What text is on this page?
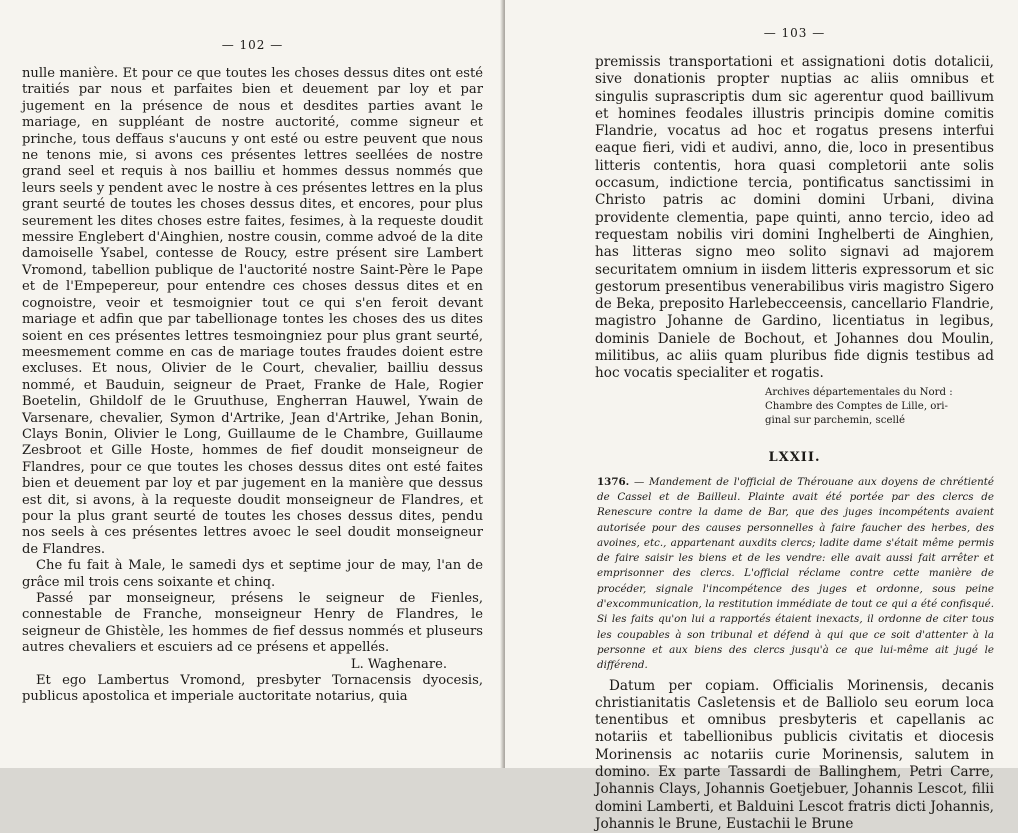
— 102 —

nulle manière. Et pour ce que toutes les choses dessus dites ont esté traitiés par nous et parfaites bien et deuement par loy et par jugement en la présence de nous et desdites parties avant le mariage, en suppléant de nostre auctorité, comme signeur et prinche, tous deffaus s'aucuns y ont esté ou estre peuvent que nous ne tenons mie, si avons ces présentes lettres seellées de nostre grand seel et requis à nos bailliu et hommes dessus nommés que leurs seels y pendent avec le nostre à ces présentes lettres en la plus grant seurté de toutes les choses dessus dites, et encores, pour plus seurement les dites choses estre faites, fesimes, à la requeste doudit messire Englebert d'Ainghien, nostre cousin, comme advoé de la dite damoiselle Ysabel, contesse de Roucy, estre présent sire Lambert Vromond, tabellion publique de l'auctorité nostre Saint-Père le Pape et de l'Empepereur, pour entendre ces choses dessus dites et en cognoistre, veoir et tesmoignier tout ce qui s'en feroit devant mariage et adfin que par tabellionage tontes les choses des us dites soient en ces présentes lettres tesmoingniez pour plus grant seurté, meesmement comme en cas de mariage toutes fraudes doient estre excluses. Et nous, Olivier de le Court, chevalier, bailliu dessus nommé, et Bauduin, seigneur de Praet, Franke de Hale, Rogier Boetelin, Ghildolf de le Gruuthuse, Engherran Hauwel, Ywain de Varsenare, chevalier, Symon d'Artrike, Jean d'Artrike, Jehan Bonin, Clays Bonin, Olivier le Long, Guillaume de le Chambre, Guillaume Zesbroot et Gille Hoste, hommes de fief doudit monseigneur de Flandres, pour ce que toutes les choses dessus dites ont esté faites bien et deuement par loy et par jugement en la manière que dessus est dit, si avons, à la requeste doudit monseigneur de Flandres, et pour la plus grant seurté de toutes les choses dessus dites, pendu nos seels à ces présentes lettres avoec le seel doudit monseigneur de Flandres.

Che fu fait à Male, le samedi dys et septime jour de may, l'an de grâce mil trois cens soixante et chinq.

Passé par monseigneur, présens le seigneur de Fienles, connestable de Franche, monseigneur Henry de Flandres, le seigneur de Ghistèle, les hommes de fief dessus nommés et pluseurs autres chevaliers et escuiers ad ce présens et appellés.

L. Waghenare.

Et ego Lambertus Vromond, presbyter Tornacensis dyocesis, publicus apostolica et imperiale auctoritate notarius, quia

— 103 —

premissis transportationi et assignationi dotis dotalicii, sive donationis propter nuptias ac aliis omnibus et singulis suprascriptis dum sic agerentur quod baillivum et homines feodales illustris principis domine comitis Flandrie, vocatus ad hoc et rogatus presens interfui eaque fieri, vidi et audivi, anno, die, loco in presentibus litteris contentis, hora quasi completorii ante solis occasum, indictione tercia, pontificatus sanctissimi in Christo patris ac domini domini Urbani, divina providente clementia, pape quinti, anno tercio, ideo ad requestam nobilis viri domini Inghelberti de Ainghien, has litteras signo meo solito signavi ad majorem securitatem omnium in iisdem litteris expressorum et sic gestorum presentibus venerabilibus viris magistro Sigero de Beka, preposito Harlebecceensis, cancellario Flandrie, magistro Johanne de Gardino, licentiatus in legibus, dominis Daniele de Bochout, et Johannes dou Moulin, militibus, ac aliis quam pluribus fide dignis testibus ad hoc vocatis specialiter et rogatis.

Archives départementales du Nord :
Chambre des Comptes de Lille, ori-
ginal sur parchemin, scellé
LXXII.
1376. — Mandement de l'official de Thérouane aux doyens de chrétienté de Cassel et de Bailleul. Plainte avait été portée par des clercs de Renescure contre la dame de Bar, que des juges incompétents avaient autorisée pour des causes personnelles à faire faucher des herbes, des avoines, etc., appartenant auxdits clercs; ladite dame s'était même permis de faire saisir les biens et de les vendre: elle avait aussi fait arrêter et emprisonner des clercs. L'official réclame contre cette manière de procéder, signale l'incompétence des juges et ordonne, sous peine d'excommunication, la restitution immédiate de tout ce qui a été confisqué. Si les faits qu'on lui a rapportés étaient inexacts, il ordonne de citer tous les coupables à son tribunal et défend à qui que ce soit d'attenter à la personne et aux biens des clercs jusqu'à ce que lui-même ait jugé le différend.

Datum per copiam. Officialis Morinensis, decanis christianitatis Casletensis et de Balliolo seu eorum loca tenentibus et omnibus presbyteris et capellanis ac notariis et tabellionibus publicis civitatis et diocesis Morinensis ac notariis curie Morinensis, salutem in domino. Ex parte Tassardi de Ballinghem, Petri Carre, Johannis Clays, Johannis Goetjebuer, Johannis Lescot, filii domini Lamberti, et Balduini Lescot fratris dicti Johannis, Johannis le Brune, Eustachii le Brune
